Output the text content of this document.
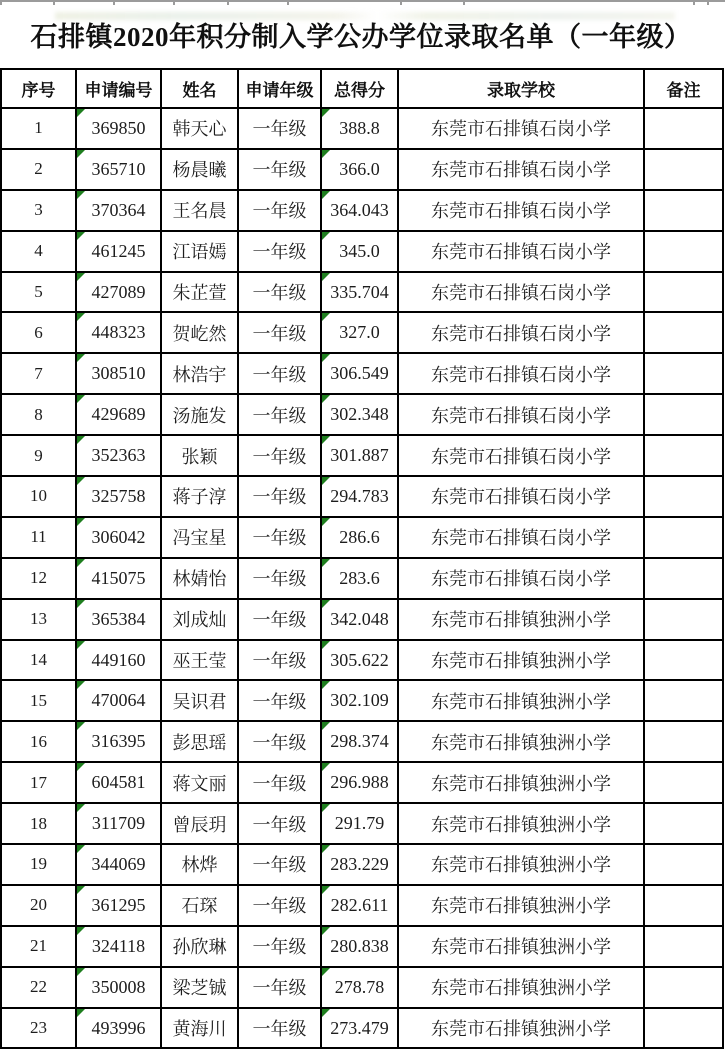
石排镇2020年积分制入学公办学位录取名单（一年级）
序号	申请编号	姓名	申请年级	总得分	录取学校	备注
1	369850	韩天心	一年级	388.8	东莞市石排镇石岗小学	
2	365710	杨晨曦	一年级	366.0	东莞市石排镇石岗小学	
3	370364	王名晨	一年级	364.043	东莞市石排镇石岗小学	
4	461245	江语嫣	一年级	345.0	东莞市石排镇石岗小学	
5	427089	朱芷萱	一年级	335.704	东莞市石排镇石岗小学	
6	448323	贺屹然	一年级	327.0	东莞市石排镇石岗小学	
7	308510	林浩宇	一年级	306.549	东莞市石排镇石岗小学	
8	429689	汤施发	一年级	302.348	东莞市石排镇石岗小学	
9	352363	张颖	一年级	301.887	东莞市石排镇石岗小学	
10	325758	蒋子淳	一年级	294.783	东莞市石排镇石岗小学	
11	306042	冯宝星	一年级	286.6	东莞市石排镇石岗小学	
12	415075	林婧怡	一年级	283.6	东莞市石排镇石岗小学	
13	365384	刘成灿	一年级	342.048	东莞市石排镇独洲小学	
14	449160	巫王莹	一年级	305.622	东莞市石排镇独洲小学	
15	470064	吴识君	一年级	302.109	东莞市石排镇独洲小学	
16	316395	彭思瑶	一年级	298.374	东莞市石排镇独洲小学	
17	604581	蒋文丽	一年级	296.988	东莞市石排镇独洲小学	
18	311709	曾辰玥	一年级	291.79	东莞市石排镇独洲小学	
19	344069	林烨	一年级	283.229	东莞市石排镇独洲小学	
20	361295	石琛	一年级	282.611	东莞市石排镇独洲小学	
21	324118	孙欣琳	一年级	280.838	东莞市石排镇独洲小学	
22	350008	梁芝铖	一年级	278.78	东莞市石排镇独洲小学	
23	493996	黄海川	一年级	273.479	东莞市石排镇独洲小学	
